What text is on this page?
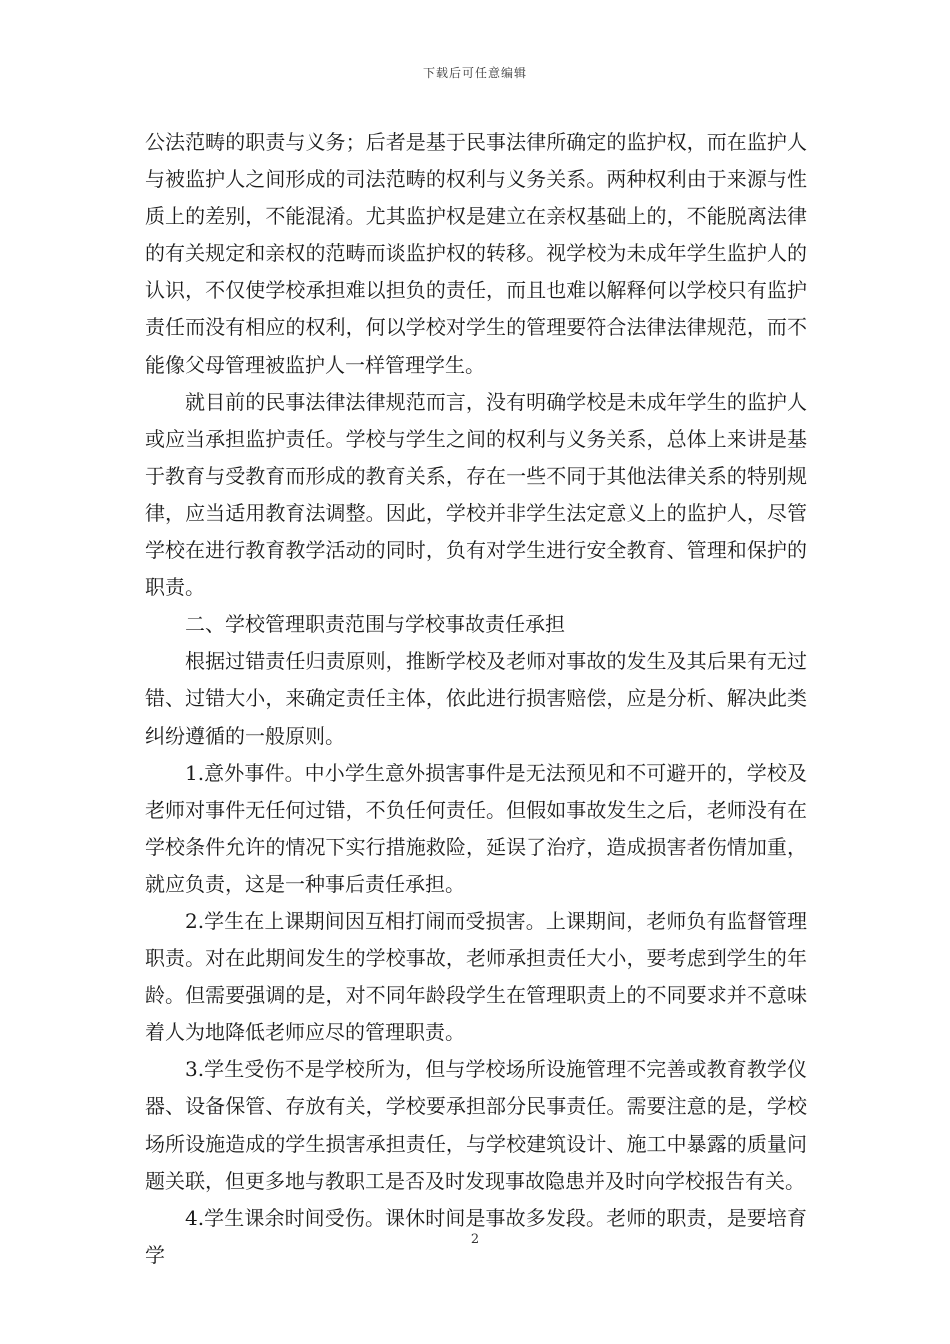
下载后可任意编辑

公法范畴的职责与义务；后者是基于民事法律所确定的监护权，而在监护人与被监护人之间形成的司法范畴的权利与义务关系。两种权利由于来源与性质上的差别，不能混淆。尤其监护权是建立在亲权基础上的，不能脱离法律的有关规定和亲权的范畴而谈监护权的转移。视学校为未成年学生监护人的认识，不仅使学校承担难以担负的责任，而且也难以解释何以学校只有监护责任而没有相应的权利，何以学校对学生的管理要符合法律法律规范，而不能像父母管理被监护人一样管理学生。

就目前的民事法律法律规范而言，没有明确学校是未成年学生的监护人或应当承担监护责任。学校与学生之间的权利与义务关系，总体上来讲是基于教育与受教育而形成的教育关系，存在一些不同于其他法律关系的特别规律，应当适用教育法调整。因此，学校并非学生法定意义上的监护人，尽管学校在进行教育教学活动的同时，负有对学生进行安全教育、管理和保护的职责。

二、学校管理职责范围与学校事故责任承担

根据过错责任归责原则，推断学校及老师对事故的发生及其后果有无过错、过错大小，来确定责任主体，依此进行损害赔偿，应是分析、解决此类纠纷遵循的一般原则。

1.意外事件。中小学生意外损害事件是无法预见和不可避开的，学校及老师对事件无任何过错，不负任何责任。但假如事故发生之后，老师没有在学校条件允许的情况下实行措施救险，延误了治疗，造成损害者伤情加重，就应负责，这是一种事后责任承担。

2.学生在上课期间因互相打闹而受损害。上课期间，老师负有监督管理职责。对在此期间发生的学校事故，老师承担责任大小，要考虑到学生的年龄。但需要强调的是，对不同年龄段学生在管理职责上的不同要求并不意味着人为地降低老师应尽的管理职责。

3.学生受伤不是学校所为，但与学校场所设施管理不完善或教育教学仪器、设备保管、存放有关，学校要承担部分民事责任。需要注意的是，学校场所设施造成的学生损害承担责任，与学校建筑设计、施工中暴露的质量问题关联，但更多地与教职工是否及时发现事故隐患并及时向学校报告有关。

4.学生课余时间受伤。课休时间是事故多发段。老师的职责，是要培育学

2
